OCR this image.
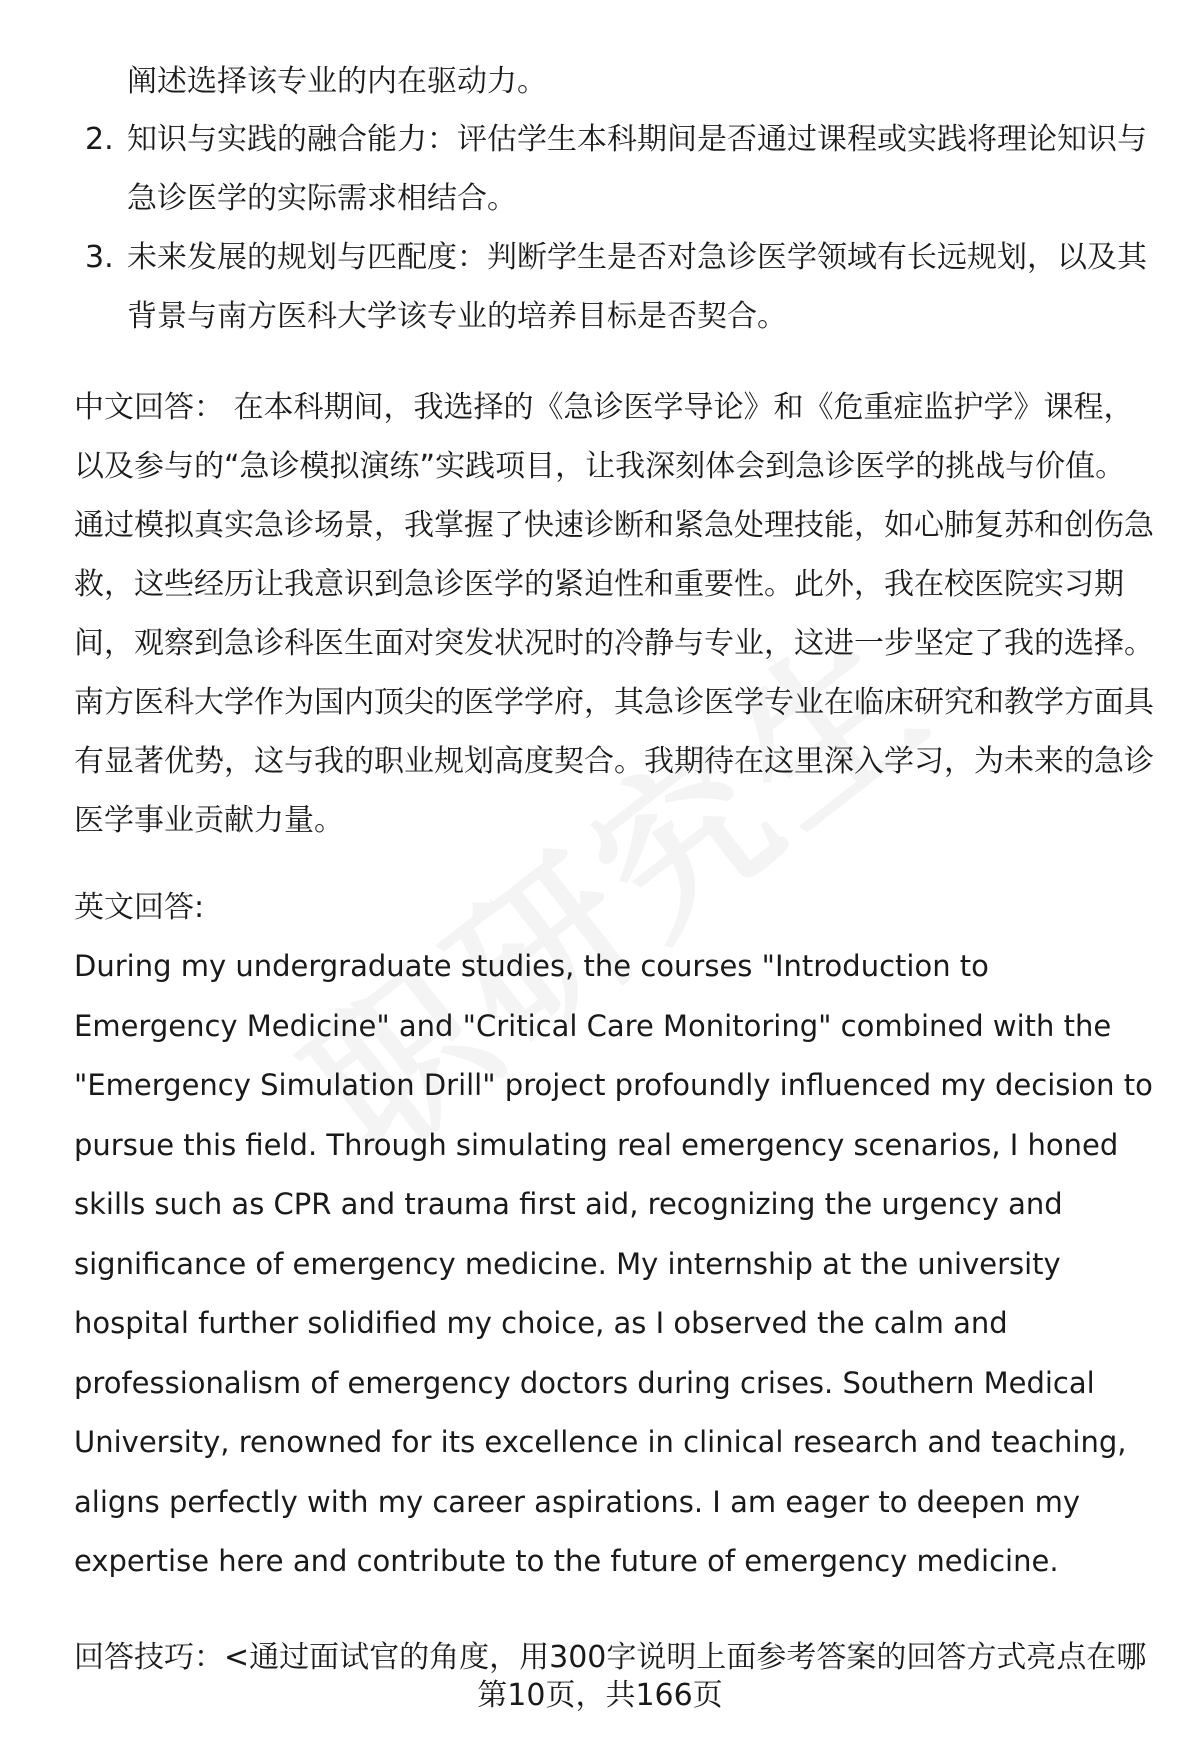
阐述选择该专业的内在驱动力。
2. 知识与实践的融合能力：评估学生本科期间是否通过课程或实践将理论知识与急诊医学的实际需求相结合。
3. 未来发展的规划与匹配度：判断学生是否对急诊医学领域有长远规划，以及其背景与南方医科大学该专业的培养目标是否契合。
中文回答： 在本科期间，我选择的《急诊医学导论》和《危重症监护学》课程，以及参与的“急诊模拟演练”实践项目，让我深刻体会到急诊医学的挑战与价值。通过模拟真实急诊场景，我掌握了快速诊断和紧急处理技能，如心肺复苏和创伤急救，这些经历让我意识到急诊医学的紧迫性和重要性。此外，我在校医院实习期间，观察到急诊科医生面对突发状况时的冷静与专业，这进一步坚定了我的选择。南方医科大学作为国内顶尖的医学学府，其急诊医学专业在临床研究和教学方面具有显著优势，这与我的职业规划高度契合。我期待在这里深入学习，为未来的急诊医学事业贡献力量。
英文回答:
During my undergraduate studies, the courses "Introduction to Emergency Medicine" and "Critical Care Monitoring" combined with the "Emergency Simulation Drill" project profoundly influenced my decision to pursue this field. Through simulating real emergency scenarios, I honed skills such as CPR and trauma first aid, recognizing the urgency and significance of emergency medicine. My internship at the university hospital further solidified my choice, as I observed the calm and professionalism of emergency doctors during crises. Southern Medical University, renowned for its excellence in clinical research and teaching, aligns perfectly with my career aspirations. I am eager to deepen my expertise here and contribute to the future of emergency medicine.
回答技巧：<通过面试官的角度，用300字说明上面参考答案的回答方式亮点在哪
第10页，共166页
